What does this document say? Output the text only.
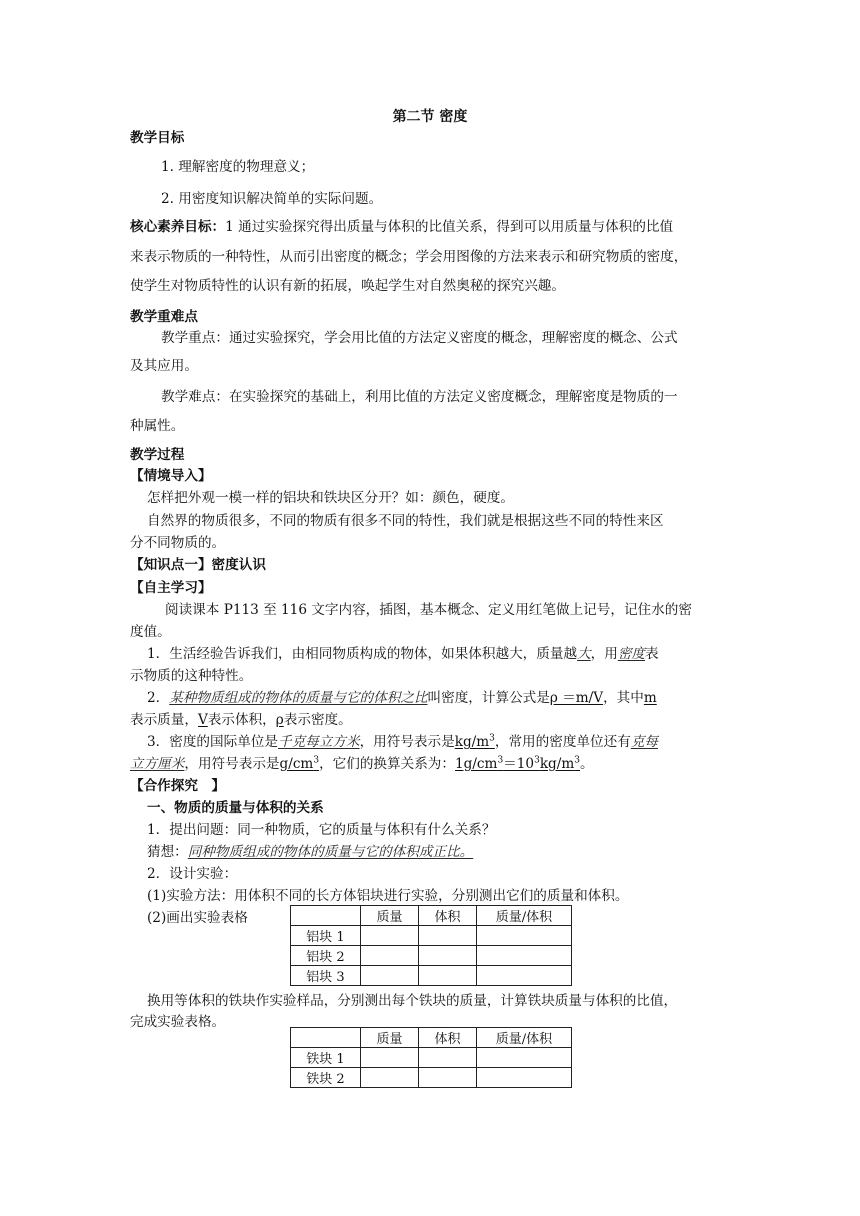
第二节 密度
教学目标
1. 理解密度的物理意义；
2. 用密度知识解决简单的实际问题。
核心素养目标：1 通过实验探究得出质量与体积的比值关系，得到可以用质量与体积的比值
来表示物质的一种特性，从而引出密度的概念；学会用图像的方法来表示和研究物质的密度，
使学生对物质特性的认识有新的拓展，唤起学生对自然奥秘的探究兴趣。
教学重难点
教学重点：通过实验探究，学会用比值的方法定义密度的概念，理解密度的概念、公式
及其应用。
教学难点：在实验探究的基础上，利用比值的方法定义密度概念，理解密度是物质的一
种属性。
教学过程
【情境导入】
怎样把外观一模一样的铝块和铁块区分开？如：颜色，硬度。
自然界的物质很多，不同的物质有很多不同的特性，我们就是根据这些不同的特性来区
分不同物质的。
【知识点一】密度认识
【自主学习】
阅读课本 P113 至 116 文字内容，插图，基本概念、定义用红笔做上记号，记住水的密
度值。
1．生活经验告诉我们，由相同物质构成的物体，如果体积越大，质量越大，用密度表
示物质的这种特性。
2．某种物质组成的物体的质量与它的体积之比叫密度，计算公式是ρ ＝m/V，其中m
表示质量，V表示体积，ρ表示密度。
3．密度的国际单位是千克每立方米，用符号表示是$kg/m^3$，常用的密度单位还有克每
立方厘米，用符号表示是$g/cm^3$，它们的换算关系为：$1g/cm^3=10^3kg/m^3$。
【合作探究　】
一、物质的质量与体积的关系
1．提出问题：同一种物质，它的质量与体积有什么关系？
猜想：同种物质组成的物体的质量与它的体积成正比。
2．设计实验：
(1)实验方法：用体积不同的长方体铝块进行实验，分别测出它们的质量和体积。
(2)画出实验表格
		质量	体积	质量/体积
铝块 1			
铝块 2			
铝块 3			
换用等体积的铁块作实验样品，分别测出每个铁块的质量，计算铁块质量与体积的比值，
完成实验表格。
	质量	体积	质量/体积
铁块 1			
铁块 2			
